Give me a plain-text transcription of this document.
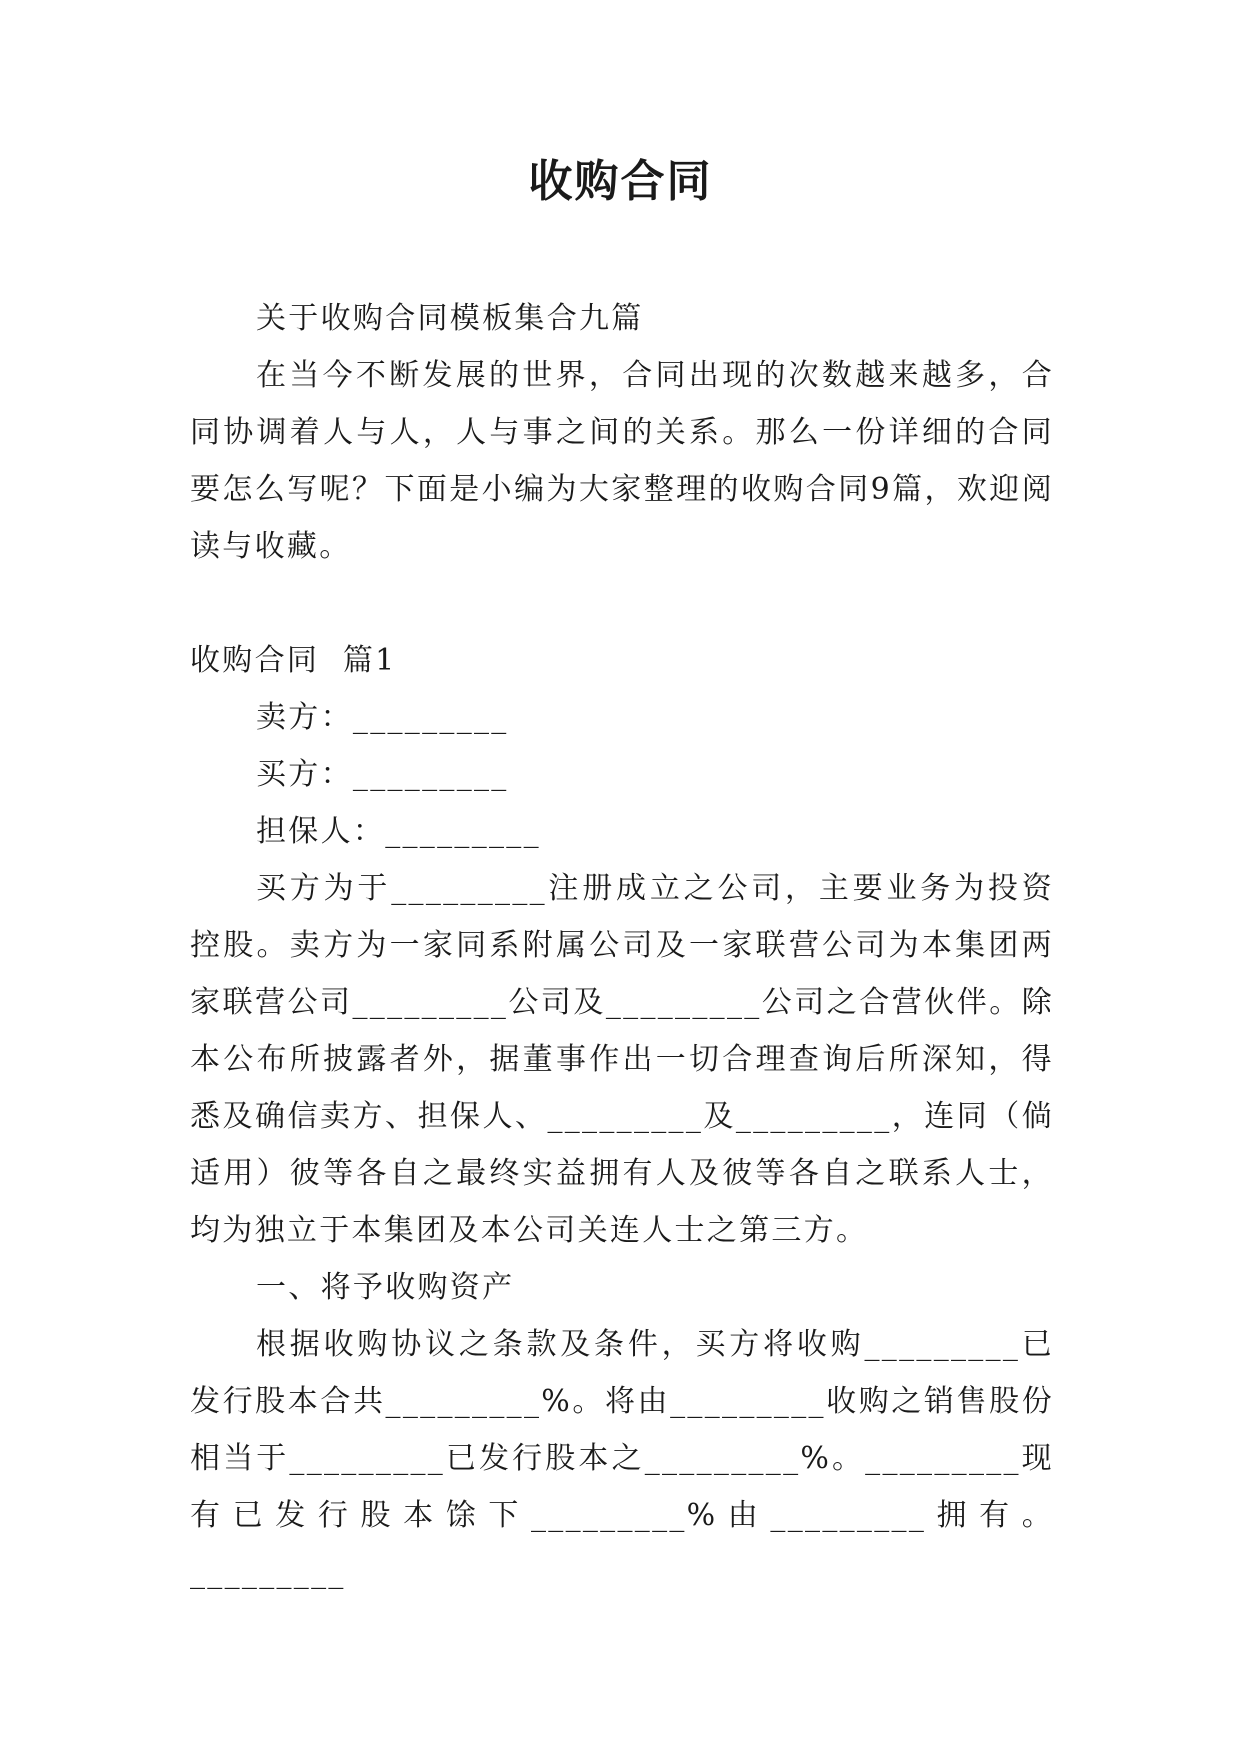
收购合同

关于收购合同模板集合九篇

在当今不断发展的世界，合同出现的次数越来越多，合同协调着人与人，人与事之间的关系。那么一份详细的合同要怎么写呢？下面是小编为大家整理的收购合同9篇，欢迎阅读与收藏。

收购合同  篇1

卖方：_________

买方：_________

担保人：_________

买方为于_________注册成立之公司，主要业务为投资控股。卖方为一家同系附属公司及一家联营公司为本集团两家联营公司_________公司及_________公司之合营伙伴。除本公布所披露者外，据董事作出一切合理查询后所深知，得悉及确信卖方、担保人、_________及_________，连同（倘适用）彼等各自之最终实益拥有人及彼等各自之联系人士，均为独立于本集团及本公司关连人士之第三方。

一、将予收购资产

根据收购协议之条款及条件，买方将收购_________已发行股本合共_________%。将由_________收购之销售股份相当于_________已发行股本之_________%。_________现有已发行股本馀下_________%由_________拥有。_________
